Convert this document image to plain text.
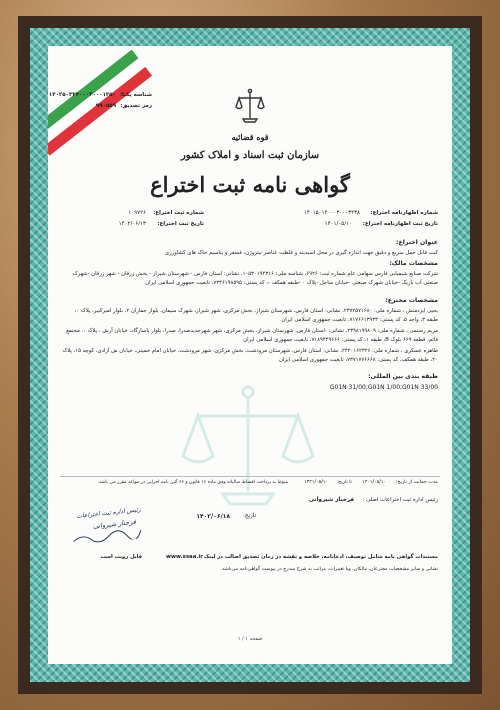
قوه قضائیه
سازمان ثبت اسناد و املاک کشور
گواهی نامه ثبت اختراع
شناسه یکتا:
۱۴۰۲۵۰۳۲۴۰۰۰۳۰۰۰۱۳۵۰
رمز تصدیق:
۹۹۰۵۵۹
شماره اظهارنامه اختراع:
۱۴۰۱۵۰۱۴۰۰۰۳۰۰۰۳۴۳۸
شماره ثبت اختراع:
۱۰۹۷۲۶
تاریخ ثبت اظهارنامه اختراع:
۱۴۰۱/۰۵/۱۰
تاریخ ثبت اختراع:
۱۴۰۲/۰۶/۱۳
عنوان اختراع:
کیت قابل حمل سریع و دقیق جهت اندازه گیری در محل اسیدیته و غلظت عناصر نیتروژن، فسفر و پتاسیم خاک های کشاورزی
مشخصات مالک:
شرکت صنایع شیمیایی فارس سهامی عام شماره ثبت: ۶۹۲۶، شناسه ملی: ۱۰۵۳۰۱۹۴۳۱۶، نشانی: استان فارس - شهرستان شیراز - بخش زرقان - شهر زرقان -شهرک صنعتی آب باریک -خیابان شهرک صنعتی -خیابان ساحل -پلاک ۰ -طبقه همکف -، کد پستی: ۷۳۴۶۱۹۸۵۹۵، تابعیت جمهوری اسلامی ایران
مشخصات مخترع:
یحیی ایزدمنش ، شماره ملی: ۲۳۷۲۵۷۱۶۸۰، نشانی: استان فارس، شهرستان شیراز، بخش مرکزی، شهر شیراز، شهرک سیمان، بلوار جماران ۲، بلوار امیرکبیر، پلاک ۰، طبقه ۳، واحد ۵، کد پستی: ۷۱۷۶۶۱۳۹۳۳، تابعیت جمهوری اسلامی ایران
مریم رستمی ، شماره ملی: ۲۳۹۸۱۹۹۸۰۹، نشانی: -استان فارس، شهرستان شیراز، بخش مرکزی، شهر شهرجدیدصدرا، صدرا، بلوار پاسارگاد، خیابان آرش ، پلاک ۰، مجتمع قائم، قطعه ۶۶۹ بلوک B، طبقه ۱، کد پستی: ۷۱۸۹۴۴۹۶۶۶، تابعیت جمهوری اسلامی ایران
طاهره عسکری ، شماره ملی: ۲۴۲۰۱۶۲۳۲۶، نشانی: استان فارس، شهرستان مرودشت، بخش مرکزی، شهر مرودشت، خیابان امام خمینی، خیابان ش آزادی، کوچه ۱۵، پلاک ۲۰، طبقه همکف، کد پستی: ۷۳۷۱۷۷۶۶۶۸، تابعیت جمهوری اسلامی ایران
طبقه بندی بین المللی:
G01N 31/00;G01N 1/00;G01N 33/00
مدت حمایت از تاریخ:
۱۴۰۱/۰۵/۱۰
تا تاریخ:
۱۴۲۱/۰۵/۱۰
منوط به پرداخت اقساط سالیانه وفق ماده ۱۶ قانون و ۶۶ آئین نامه اجرایی در مواعد مقرر می باشد.
رئیس اداره ثبت اختراعات اصلی :
فرحناز شیروانی
تاریخ:
۱۴۰۲/۰۶/۱۸
رئیس اداره ثبت اختراعات
فرحناز شیروانی
مستندات گواهی نامه شامل توصیف، ادعانامه، خلاصه و نقشه در زمان تصدیق اصالت در لینک
www.ssaa.ir
قابل رویت است
نشانی و سایر مشخصات مخترعان، مالکان، ویا تغییرات، مراتب به شرح مندرج در پیوست گواهی‌نامه می‌باشد.
صفحه ۱ / ۱
